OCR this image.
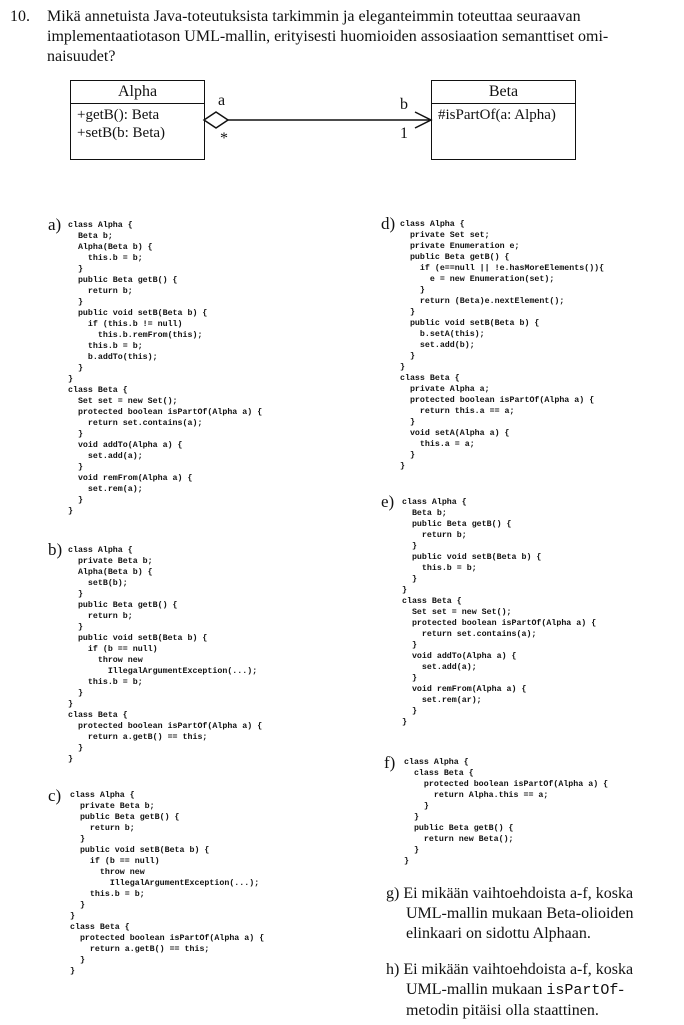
10. Mikä annetuista Java-toteutuksista tarkimmin ja eleganteimmin toteuttaa seuraavan
implementaatiotason UML-mallin, erityisesti huomioiden assosiaation semanttiset omi-
naisuudet?
Alpha
+getB(): Beta
+setB(b: Beta)
Beta
#isPartOf(a: Alpha)
a
*
b
1
a) class Alpha {
Beta b;
Alpha(Beta b) {
this.b = b;
}
public Beta getB() {
return b;
}
public void setB(Beta b) {
if (this.b != null)
this.b.remFrom(this);
this.b = b;
b.addTo(this);
}
}
class Beta {
Set set = new Set();
protected boolean isPartOf(Alpha a) {
return set.contains(a);
}
void addTo(Alpha a) {
set.add(a);
}
void remFrom(Alpha a) {
set.rem(a);
}
}
b) class Alpha {
private Beta b;
Alpha(Beta b) {
setB(b);
}
public Beta getB() {
return b;
}
public void setB(Beta b) {
if (b == null)
throw new
IllegalArgumentException(...);
this.b = b;
}
}
class Beta {
protected boolean isPartOf(Alpha a) {
return a.getB() == this;
}
}
c) class Alpha {
private Beta b;
public Beta getB() {
return b;
}
public void setB(Beta b) {
if (b == null)
throw new
IllegalArgumentException(...);
this.b = b;
}
}
class Beta {
protected boolean isPartOf(Alpha a) {
return a.getB() == this;
}
}
d) class Alpha {
private Set set;
private Enumeration e;
public Beta getB() {
if (e==null || !e.hasMoreElements()){
e = new Enumeration(set);
}
return (Beta)e.nextElement();
}
public void setB(Beta b) {
b.setA(this);
set.add(b);
}
}
class Beta {
private Alpha a;
protected boolean isPartOf(Alpha a) {
return this.a == a;
}
void setA(Alpha a) {
this.a = a;
}
}
e) class Alpha {
Beta b;
public Beta getB() {
return b;
}
public void setB(Beta b) {
this.b = b;
}
}
class Beta {
Set set = new Set();
protected boolean isPartOf(Alpha a) {
return set.contains(a);
}
void addTo(Alpha a) {
set.add(a);
}
void remFrom(Alpha a) {
set.rem(ar);
}
}
f) class Alpha {
class Beta {
protected boolean isPartOf(Alpha a) {
return Alpha.this == a;
}
}
public Beta getB() {
return new Beta();
}
}
g) Ei mikään vaihtoehdoista a-f, koska
UML-mallin mukaan Beta-olioiden
elinkaari on sidottu Alphaan.
h) Ei mikään vaihtoehdoista a-f, koska
UML-mallin mukaan isPartOf-
metodin pitäisi olla staattinen.
